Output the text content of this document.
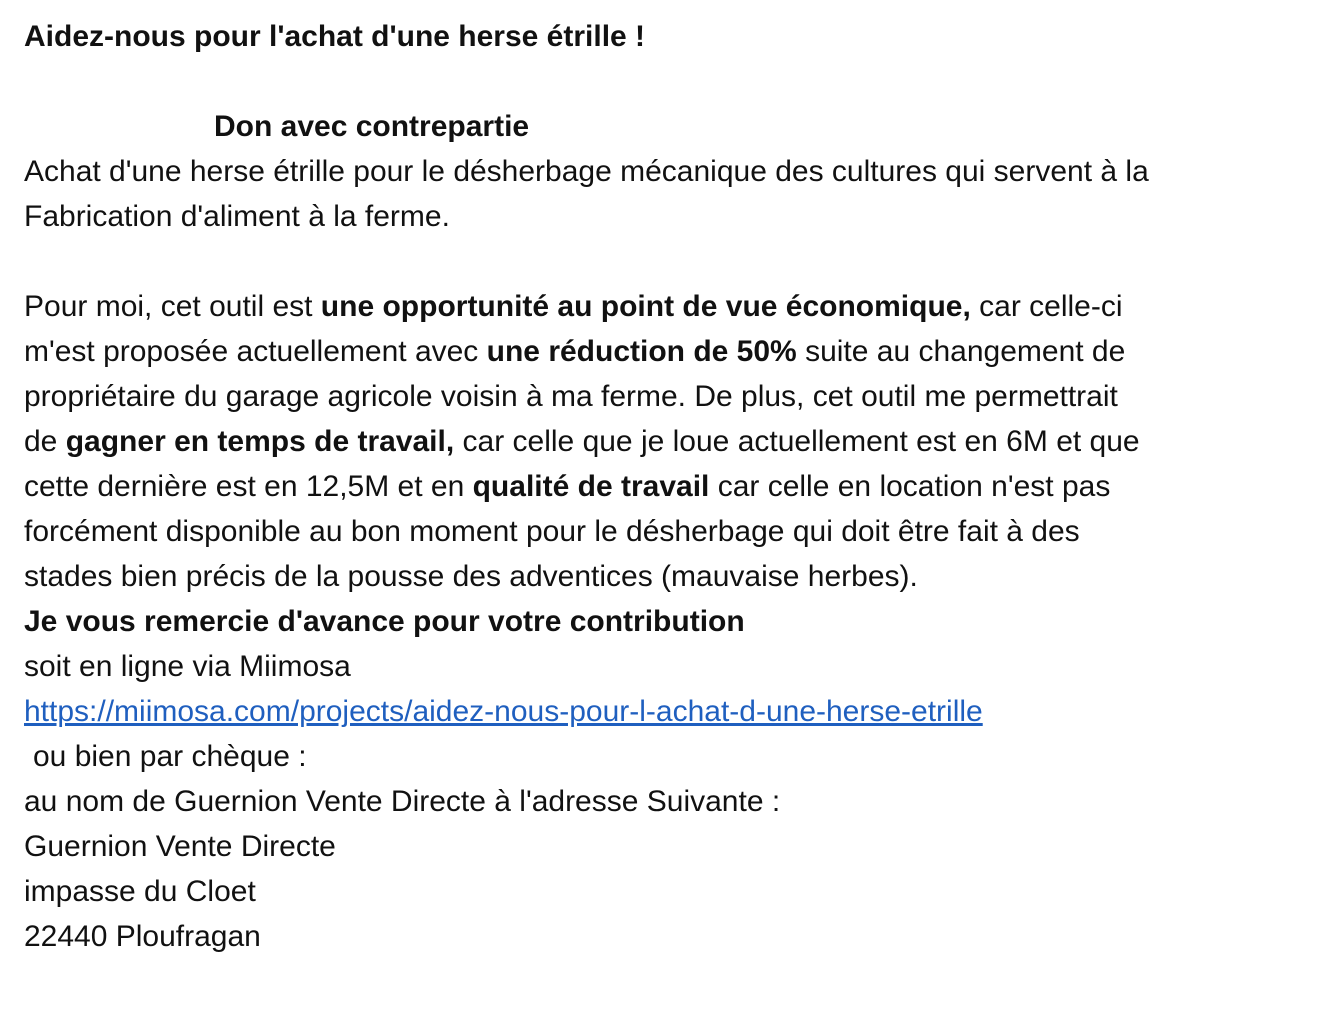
Aidez-nous pour l'achat d'une herse étrille !
Don avec contrepartie
Achat d'une herse étrille pour le désherbage mécanique des cultures qui servent à la
Fabrication d'aliment à la ferme.
Pour moi, cet outil est une opportunité au point de vue économique, car celle-ci
m'est proposée actuellement avec une réduction de 50% suite au changement de
propriétaire du garage agricole voisin à ma ferme. De plus, cet outil me permettrait
de gagner en temps de travail, car celle que je loue actuellement est en 6M et que
cette dernière est en 12,5M et en qualité de travail car celle en location n'est pas
forcément disponible au bon moment pour le désherbage qui doit être fait à des
stades bien précis de la pousse des adventices (mauvaise herbes).
Je vous remercie d'avance pour votre contribution
soit en ligne via Miimosa
https://miimosa.com/projects/aidez-nous-pour-l-achat-d-une-herse-etrille
ou bien par chèque :
au nom de Guernion Vente Directe à l'adresse Suivante :
Guernion Vente Directe
impasse du Cloet
22440 Ploufragan
